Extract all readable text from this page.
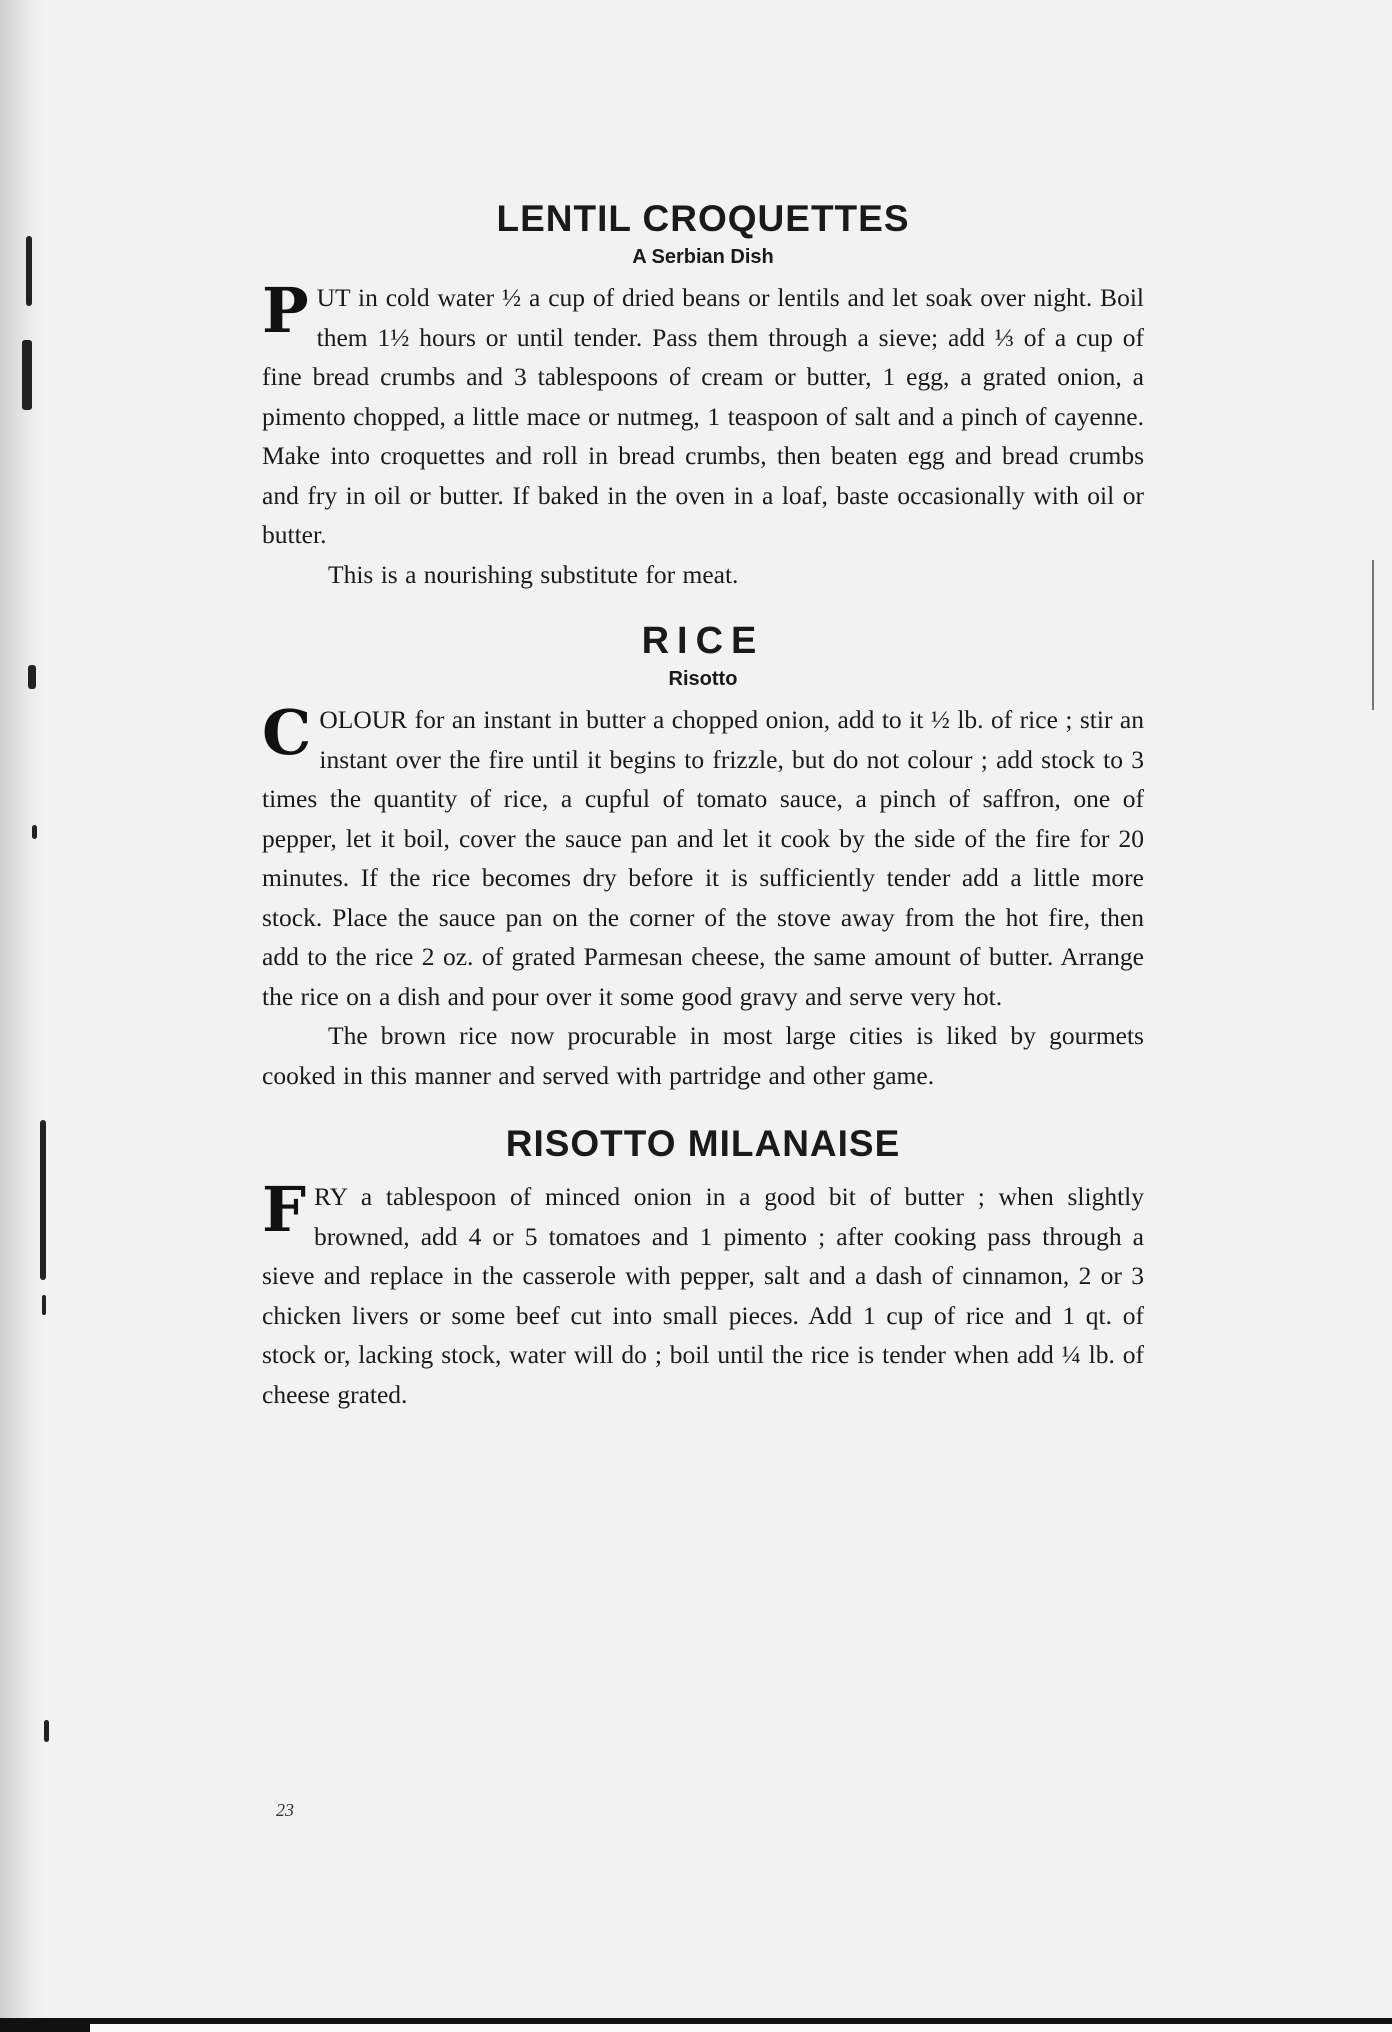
LENTIL CROQUETTES
A Serbian Dish

PUT in cold water ½ a cup of dried beans or lentils and let soak over night. Boil them 1½ hours or until tender. Pass them through a sieve; add ⅓ of a cup of fine bread crumbs and 3 tablespoons of cream or butter, 1 egg, a grated onion, a pimento chopped, a little mace or nutmeg, 1 teaspoon of salt and a pinch of cayenne. Make into croquettes and roll in bread crumbs, then beaten egg and bread crumbs and fry in oil or butter. If baked in the oven in a loaf, baste occasionally with oil or butter.

This is a nourishing substitute for meat.

RICE
Risotto

COLOUR for an instant in butter a chopped onion, add to it ½ lb. of rice ; stir an instant over the fire until it begins to frizzle, but do not colour ; add stock to 3 times the quantity of rice, a cupful of tomato sauce, a pinch of saffron, one of pepper, let it boil, cover the sauce pan and let it cook by the side of the fire for 20 minutes. If the rice becomes dry before it is sufficiently tender add a little more stock. Place the sauce pan on the corner of the stove away from the hot fire, then add to the rice 2 oz. of grated Parmesan cheese, the same amount of butter. Arrange the rice on a dish and pour over it some good gravy and serve very hot.

The brown rice now procurable in most large cities is liked by gourmets cooked in this manner and served with partridge and other game.

RISOTTO MILANAISE

FRY a tablespoon of minced onion in a good bit of butter ; when slightly browned, add 4 or 5 tomatoes and 1 pimento ; after cooking pass through a sieve and replace in the casserole with pepper, salt and a dash of cinnamon, 2 or 3 chicken livers or some beef cut into small pieces. Add 1 cup of rice and 1 qt. of stock or, lacking stock, water will do ; boil until the rice is tender when add ¼ lb. of cheese grated.

23
